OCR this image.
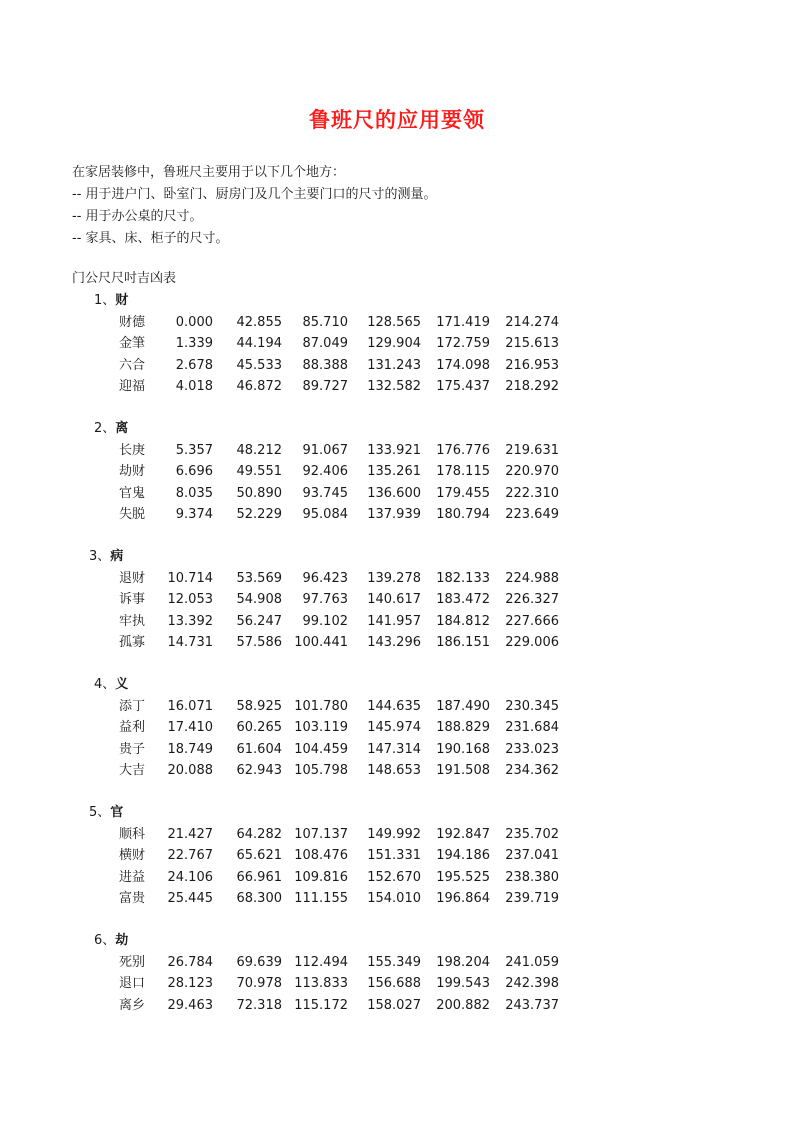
鲁班尺的应用要领
在家居装修中，鲁班尺主要用于以下几个地方：
-- 用于进户门、卧室门、厨房门及几个主要门口的尺寸的测量。
-- 用于办公桌的尺寸。
-- 家具、床、柜子的尺寸。
门公尺尺吋吉凶表
1、财
财德 0.000 42.855 85.710 128.565 171.419 214.274
金筆 1.339 44.194 87.049 129.904 172.759 215.613
六合 2.678 45.533 88.388 131.243 174.098 216.953
迎福 4.018 46.872 89.727 132.582 175.437 218.292
2、离
长庚 5.357 48.212 91.067 133.921 176.776 219.631
劫财 6.696 49.551 92.406 135.261 178.115 220.970
官鬼 8.035 50.890 93.745 136.600 179.455 222.310
失脱 9.374 52.229 95.084 137.939 180.794 223.649
3、病
退财 10.714 53.569 96.423 139.278 182.133 224.988
诉事 12.053 54.908 97.763 140.617 183.472 226.327
牢执 13.392 56.247 99.102 141.957 184.812 227.666
孤寡 14.731 57.586 100.441 143.296 186.151 229.006
4、义
添丁 16.071 58.925 101.780 144.635 187.490 230.345
益利 17.410 60.265 103.119 145.974 188.829 231.684
贵子 18.749 61.604 104.459 147.314 190.168 233.023
大吉 20.088 62.943 105.798 148.653 191.508 234.362
5、官
顺科 21.427 64.282 107.137 149.992 192.847 235.702
横财 22.767 65.621 108.476 151.331 194.186 237.041
进益 24.106 66.961 109.816 152.670 195.525 238.380
富贵 25.445 68.300 111.155 154.010 196.864 239.719
6、劫
死别 26.784 69.639 112.494 155.349 198.204 241.059
退口 28.123 70.978 113.833 156.688 199.543 242.398
离乡 29.463 72.318 115.172 158.027 200.882 243.737
